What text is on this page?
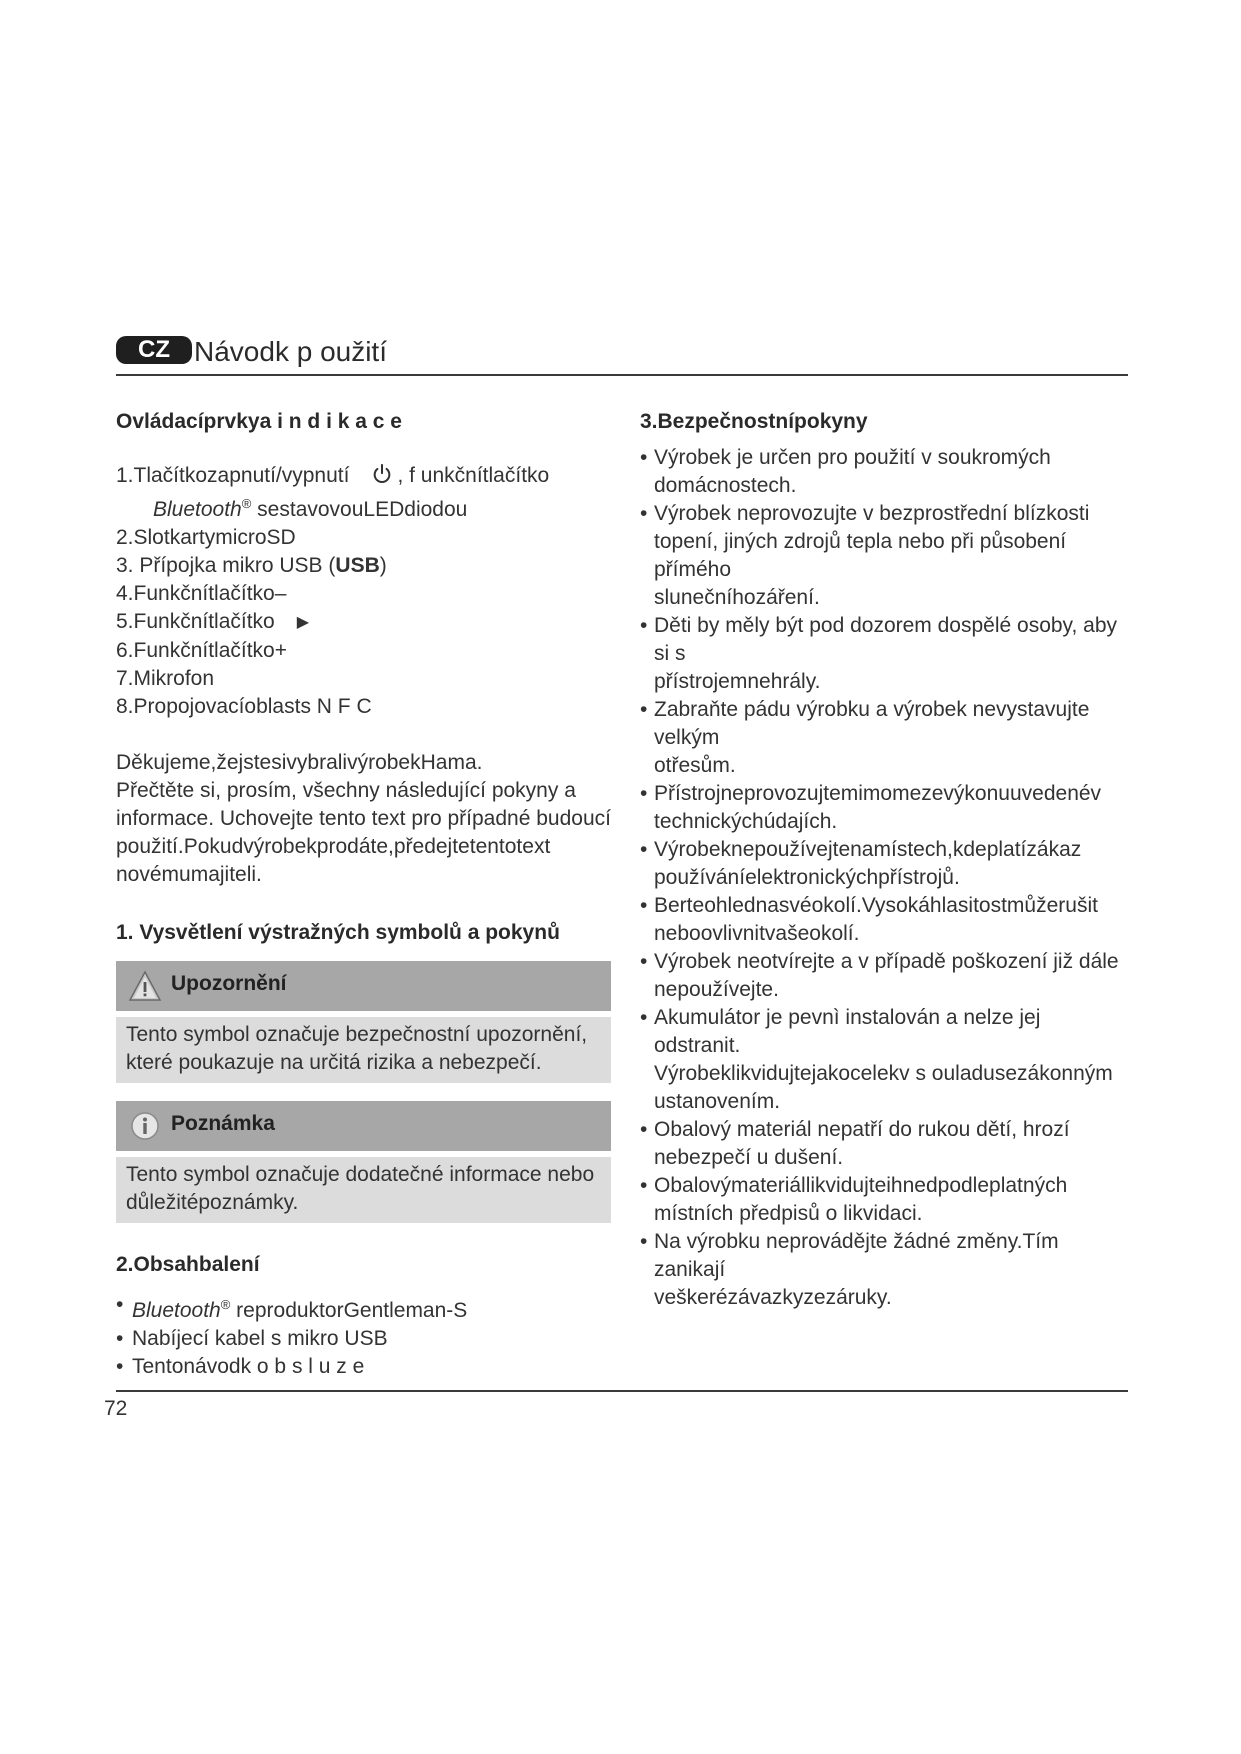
CZ Návodk p oužití
Ovládacíprvkya i n d i k a c e
1.Tlačítkozapnutí/vypnutí , f unkčnítlačítko
Bluetooth® sestavovouLEDdiodou
2.SlotkartymicroSD
3. Přípojka mikro USB (USB)
4.Funkčnítlačítko–
5.Funkčnítlačítko ▶
6.Funkčnítlačítko+
7.Mikrofon
8.Propojovacíoblasts N F C
Děkujeme,žejstesivybralivýrobekHama.
Přečtěte si, prosím, všechny následující pokyny a
informace. Uchovejte tento text pro případné budoucí
použití.Pokudvýrobekprodáte,předejtetentotext
novémumajiteli.
1. Vysvětlení výstražných symbolů a pokynů
Upozornění
Tento symbol označuje bezpečnostní upozornění,
které poukazuje na určitá rizika a nebezpečí.
Poznámka
Tento symbol označuje dodatečné informace nebo
důležitépoznámky.
2.Obsahbalení
• Bluetooth® reproduktorGentleman-S
• Nabíjecí kabel s mikro USB
• Tentonávodk o b s l u z e
3.Bezpečnostnípokyny
• Výrobek je určen pro použití v soukromých
domácnostech.
• Výrobek neprovozujte v bezprostřední blízkosti
topení, jiných zdrojů tepla nebo při působení přímého
slunečníhozáření.
• Děti by měly být pod dozorem dospělé osoby, aby si s
přístrojemnehrály.
• Zabraňte pádu výrobku a výrobek nevystavujte velkým
otřesům.
• Přístrojneprovozujtemimomezevýkonuuvedenév
technickýchúdajích.
• Výrobeknepoužívejtenamístech,kdeplatízákaz
používáníelektronickýchpřístrojů.
• Berteohlednasvéokolí.Vysokáhlasitostmůžerušit
neboovlivnitvašeokolí.
• Výrobek neotvírejte a v případě poškození již dále
nepoužívejte.
• Akumulátor je pevnì instalován a nelze jej odstranit.
Výrobeklikvidujtejakocelekv s ouladusezákonným
ustanovením.
• Obalový materiál nepatří do rukou dětí, hrozí
nebezpečí u dušení.
• Obalovýmateriállikvidujteihnedpodleplatných
místních předpisů o likvidaci.
• Na výrobku neprovádějte žádné změny.Tím zanikají
veškerézávazkyzezáruky.
72
